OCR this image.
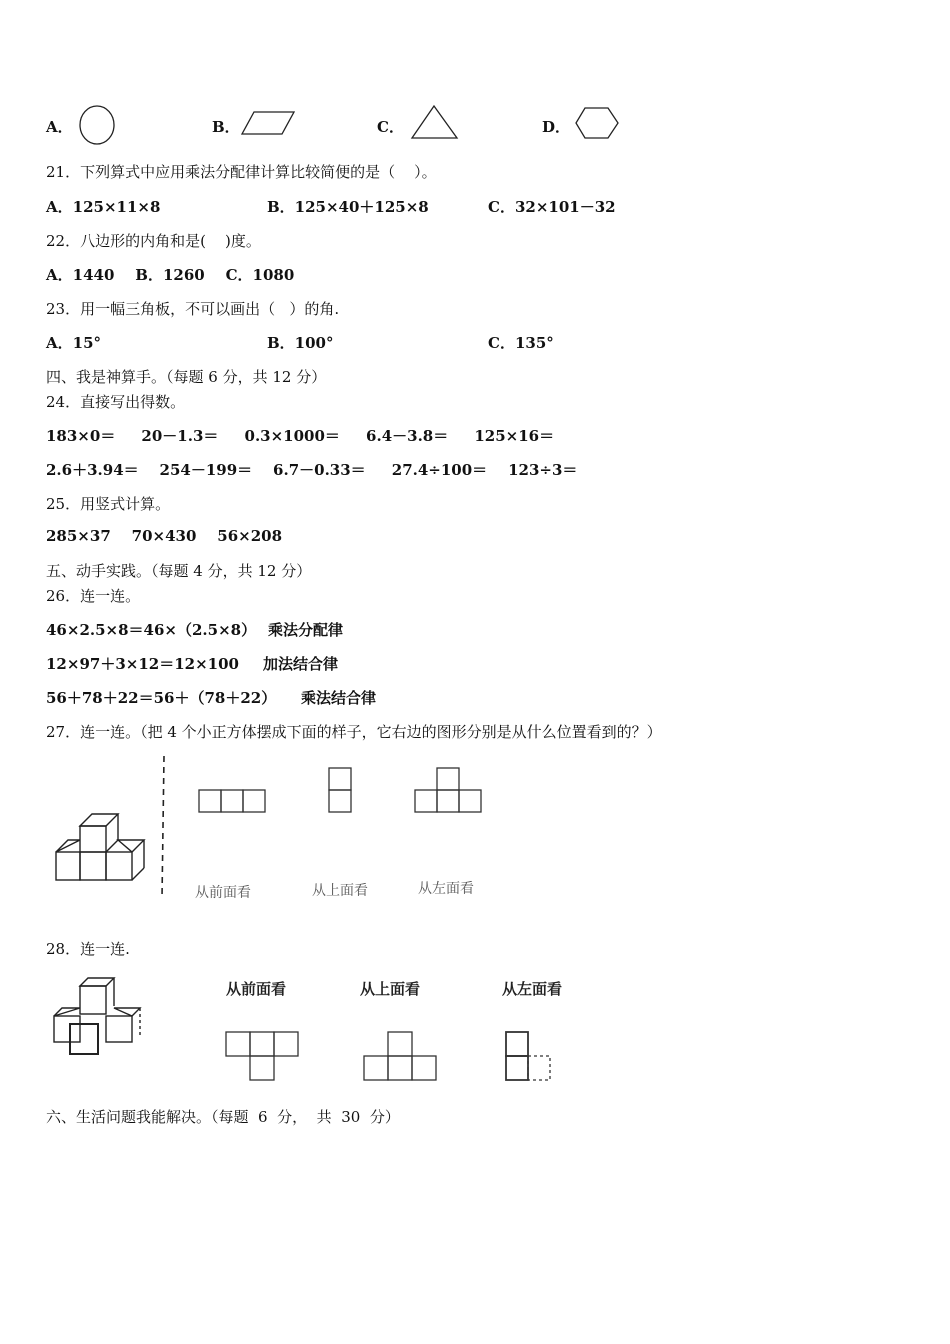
A．	B．	C．	D．
21．下列算式中应用乘法分配律计算比较简便的是（    ）。
A．125×11×8	B．125×40＋125×8	C．32×101－32
22．八边形的内角和是(    )度。
A．1440    B．1260    C．1080
23．用一幅三角板，不可以画出（   ）的角.
A．15°	B．100°	C．135°
四、我是神算手。（每题 6 分，共 12 分）
24．直接写出得数。
183×0＝     20－1.3＝     0.3×1000＝     6.4－3.8＝     125×16＝
2.6＋3.94＝    254－199＝    6.7－0.33＝     27.4÷100＝    123÷3＝
25．用竖式计算。
285×37    70×430    56×208
五、动手实践。（每题 4 分，共 12 分）
26．连一连。
46×2.5×8＝46×（2.5×8） 乘法分配律
12×97＋3×12＝12×100 加法结合律
56＋78＋22＝56＋（78＋22） 乘法结合律
27．连一连。（把 4 个小正方体摆成下面的样子，它右边的图形分别是从什么位置看到的？）
从前面看	从上面看	从左面看
28．连一连.
从前面看	从上面看	从左面看
六、生活问题我能解决。（每题  6  分，  共  30  分）
